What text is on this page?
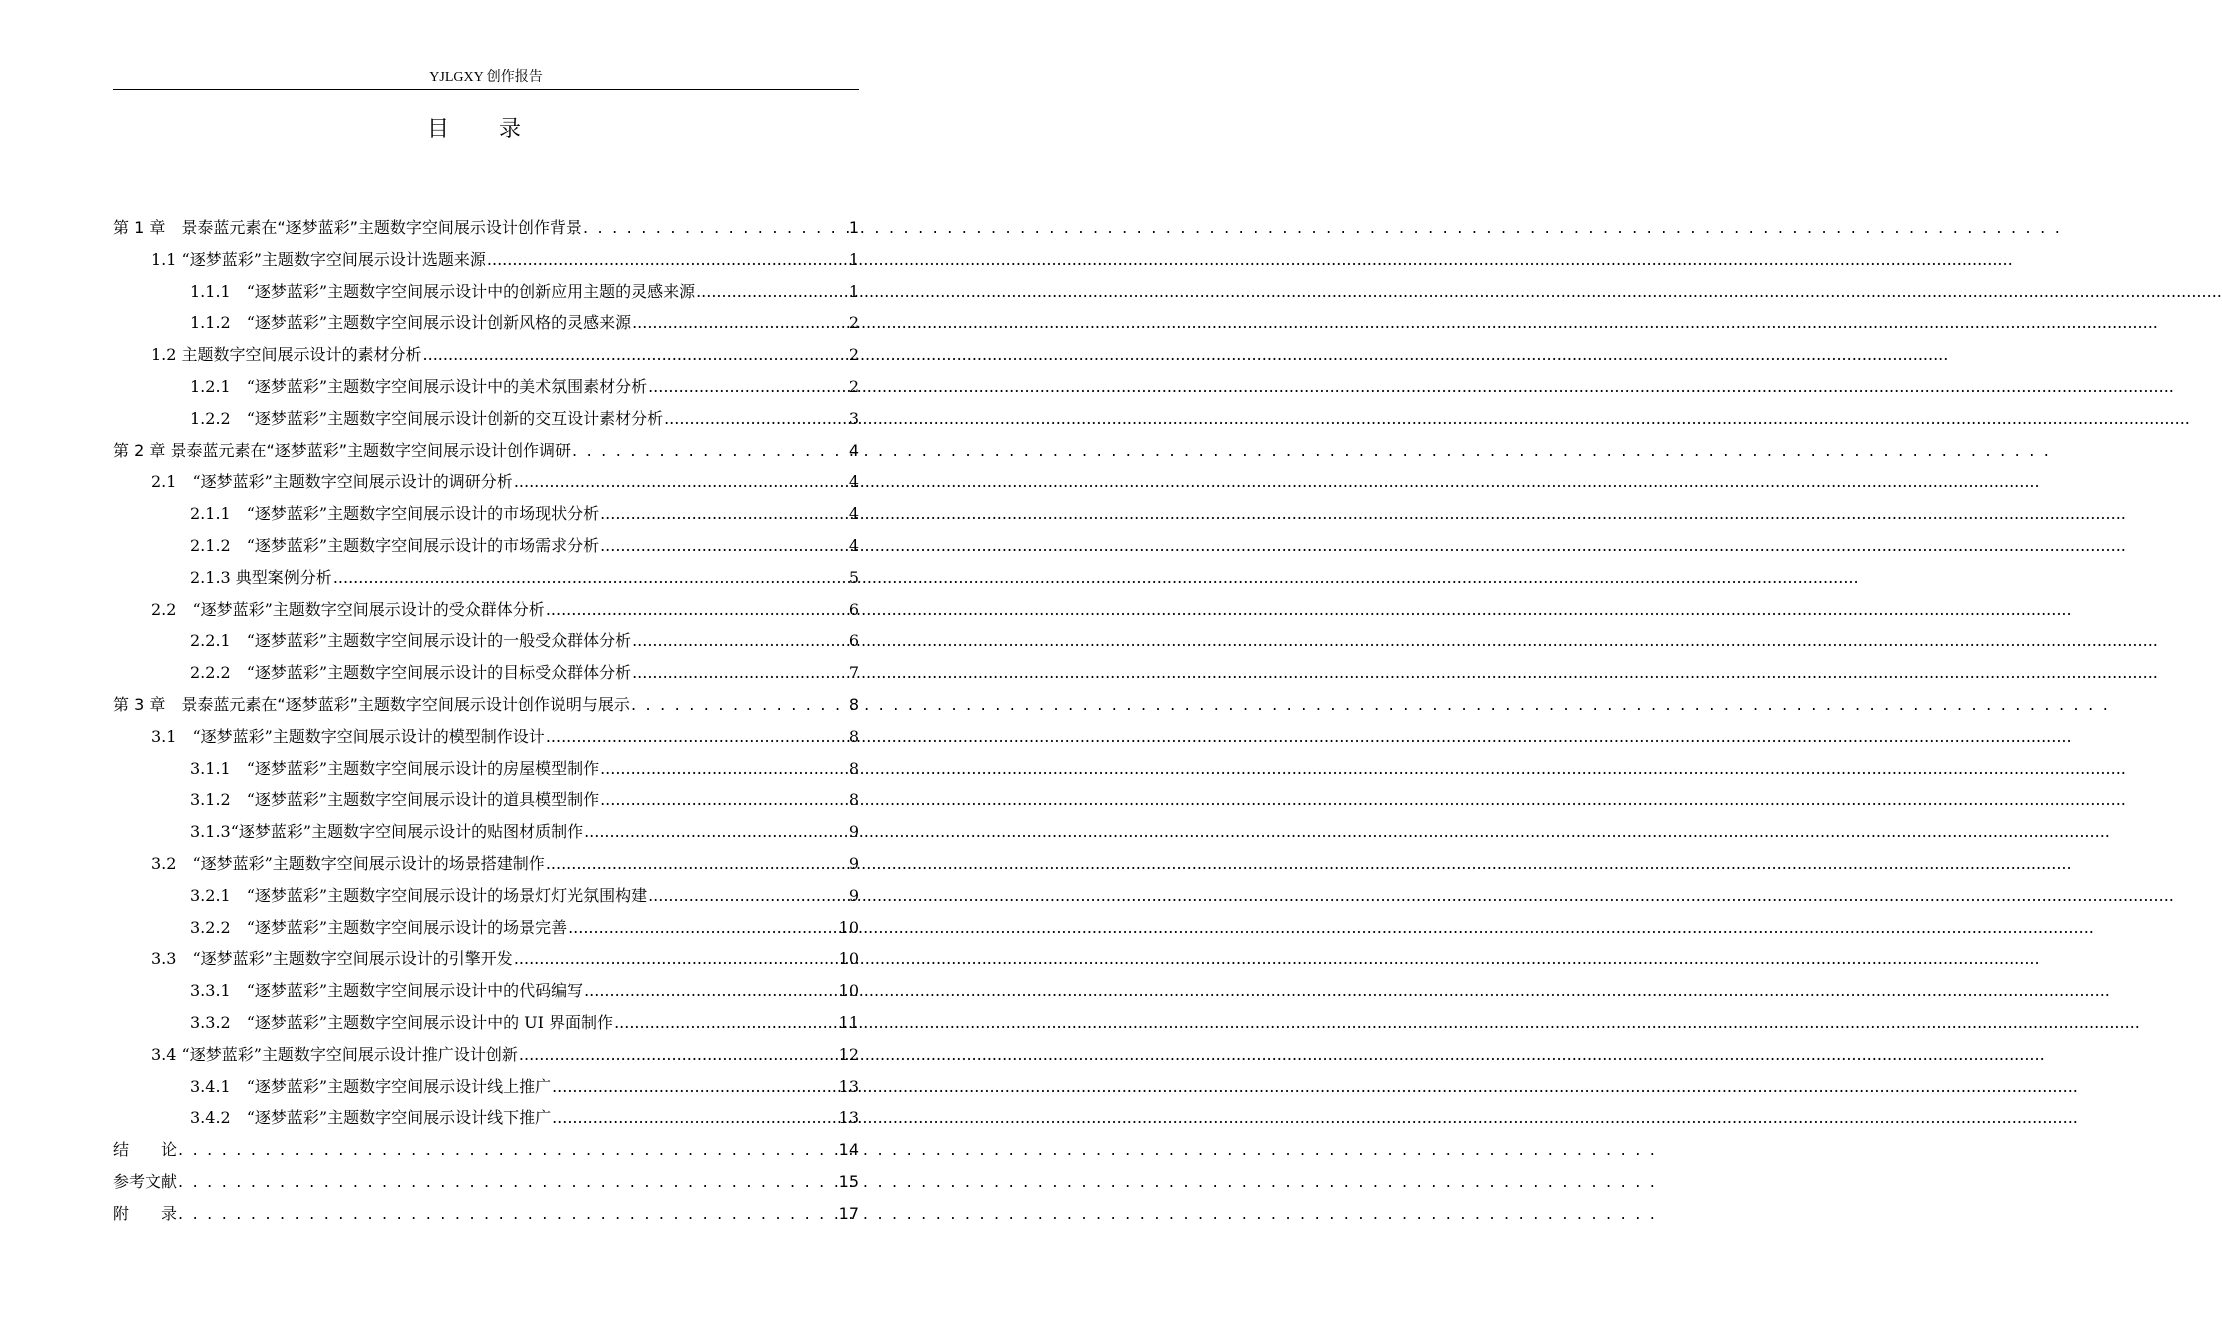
YJLGXY 创作报告
目　　录
第 1 章　景泰蓝元素在“逐梦蓝彩”主题数字空间展示设计创作背景 . . .	1
1.1 “逐梦蓝彩”主题数字空间展示设计选题来源 .....	1
1.1.1　“逐梦蓝彩”主题数字空间展示设计中的创新应用主题的灵感来源 .....	1
1.1.2　“逐梦蓝彩”主题数字空间展示设计创新风格的灵感来源 .....	2
1.2 主题数字空间展示设计的素材分析 .....	2
1.2.1　“逐梦蓝彩”主题数字空间展示设计中的美术氛围素材分析 .....	2
1.2.2　“逐梦蓝彩”主题数字空间展示设计创新的交互设计素材分析 .....	3
第 2 章 景泰蓝元素在“逐梦蓝彩”主题数字空间展示设计创作调研 . . .	4
2.1　“逐梦蓝彩”主题数字空间展示设计的调研分析 .....	4
2.1.1　“逐梦蓝彩”主题数字空间展示设计的市场现状分析 .....	4
2.1.2　“逐梦蓝彩”主题数字空间展示设计的市场需求分析 .....	4
2.1.3 典型案例分析 .....	5
2.2　“逐梦蓝彩”主题数字空间展示设计的受众群体分析 .....	6
2.2.1　“逐梦蓝彩”主题数字空间展示设计的一般受众群体分析 .....	6
2.2.2　“逐梦蓝彩”主题数字空间展示设计的目标受众群体分析 .....	7
第 3 章　景泰蓝元素在“逐梦蓝彩”主题数字空间展示设计创作说明与展示 . . .	8
3.1　“逐梦蓝彩”主题数字空间展示设计的模型制作设计 .....	8
3.1.1　“逐梦蓝彩”主题数字空间展示设计的房屋模型制作 .....	8
3.1.2　“逐梦蓝彩”主题数字空间展示设计的道具模型制作 .....	8
3.1.3“逐梦蓝彩”主题数字空间展示设计的贴图材质制作 .....	9
3.2　“逐梦蓝彩”主题数字空间展示设计的场景搭建制作 .....	9
3.2.1　“逐梦蓝彩”主题数字空间展示设计的场景灯灯光氛围构建 .....	9
3.2.2　“逐梦蓝彩”主题数字空间展示设计的场景完善 .....	10
3.3　“逐梦蓝彩”主题数字空间展示设计的引擎开发 .....	10
3.3.1　“逐梦蓝彩”主题数字空间展示设计中的代码编写 .....	10
3.3.2　“逐梦蓝彩”主题数字空间展示设计中的 UI 界面制作 .....	11
3.4 “逐梦蓝彩”主题数字空间展示设计推广设计创新 .....	12
3.4.1　“逐梦蓝彩”主题数字空间展示设计线上推广 .....	13
3.4.2　“逐梦蓝彩”主题数字空间展示设计线下推广 .....	13
结　　论 . . .	14
参考文献 . . .	15
附　　录 . . .	17
